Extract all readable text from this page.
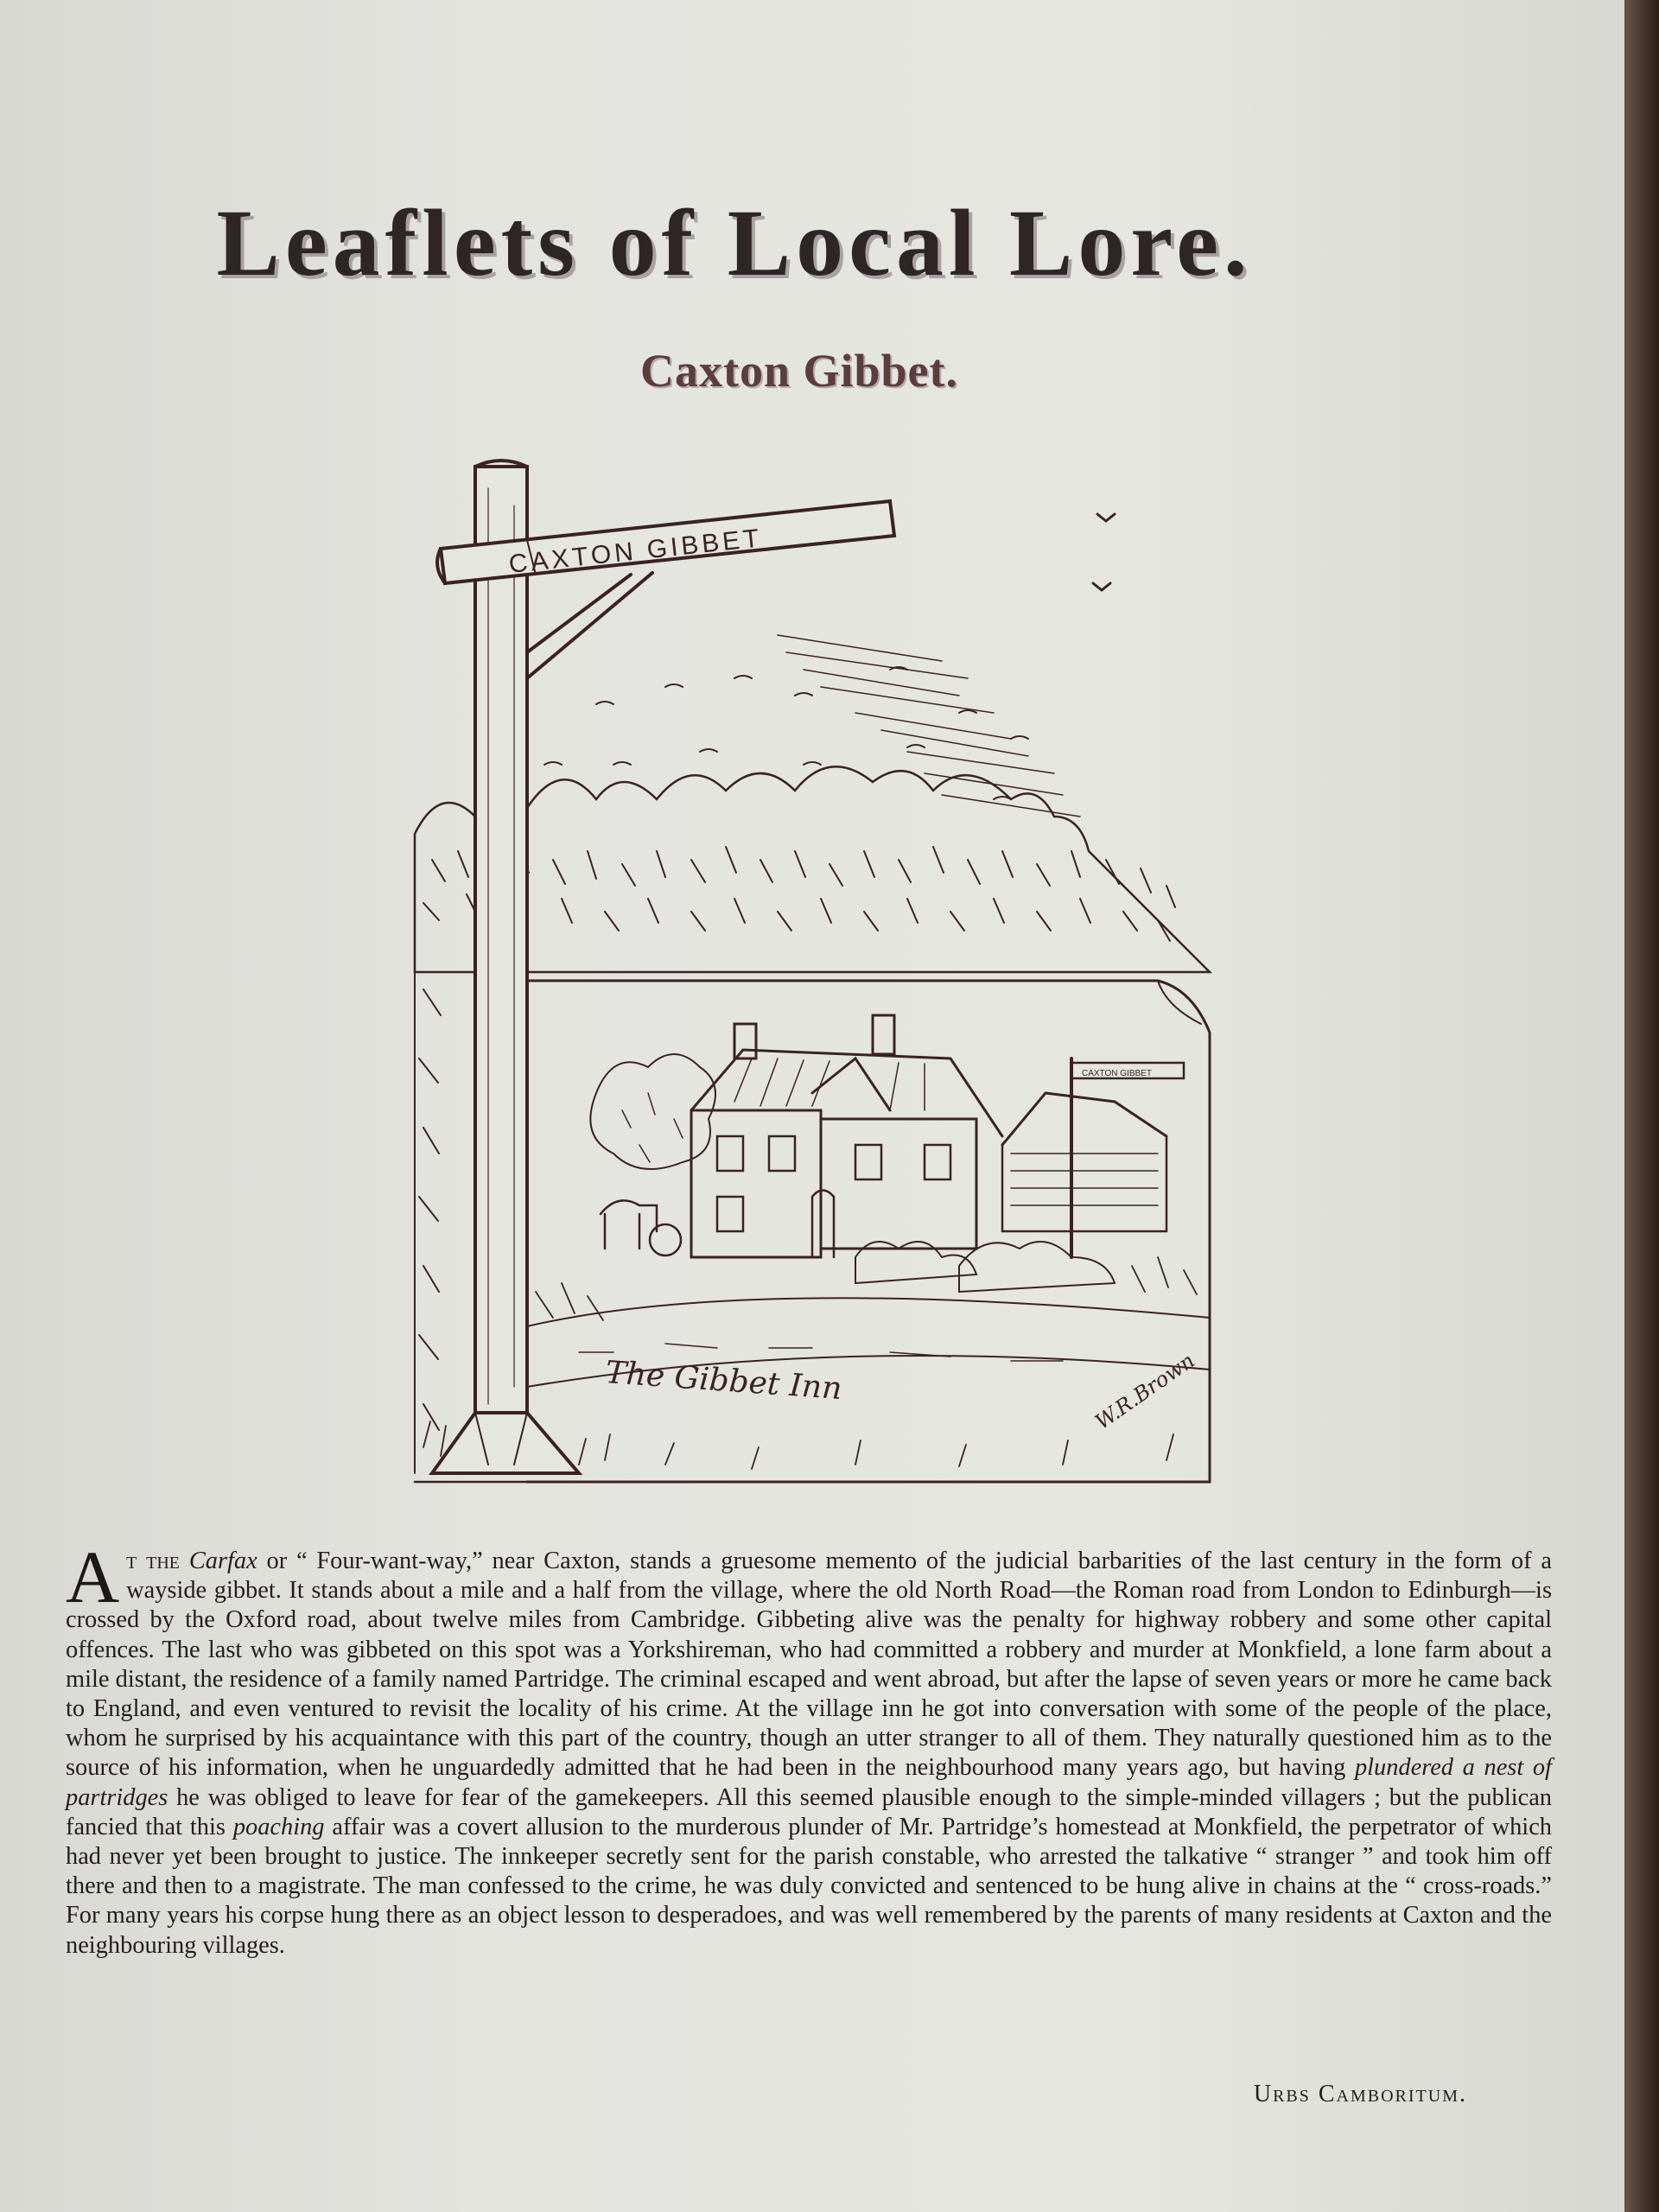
Leaflets of Local Lore.
Caxton Gibbet.
CAXTON GIBBET
CAXTON GIBBET
The Gibbet Inn	W.R.Brown
At the Carfax or “ Four-want-way,” near Caxton, stands a gruesome memento of the judicial barbarities of the last century in the form of a wayside gibbet. It stands about a mile and a half from the village, where the old North Road—the Roman road from London to Edinburgh—is crossed by the Oxford road, about twelve miles from Cambridge. Gibbeting alive was the penalty for highway robbery and some other capital offences. The last who was gibbeted on this spot was a Yorkshireman, who had committed a robbery and murder at Monkfield, a lone farm about a mile distant, the residence of a family named Partridge. The criminal escaped and went abroad, but after the lapse of seven years or more he came back to England, and even ventured to revisit the locality of his crime. At the village inn he got into conversation with some of the people of the place, whom he surprised by his acquaintance with this part of the country, though an utter stranger to all of them. They naturally questioned him as to the source of his information, when he unguardedly admitted that he had been in the neighbourhood many years ago, but having plundered a nest of partridges he was obliged to leave for fear of the gamekeepers. All this seemed plausible enough to the simple-minded villagers ; but the publican fancied that this poaching affair was a covert allusion to the murderous plunder of Mr. Partridge’s homestead at Monkfield, the perpetrator of which had never yet been brought to justice. The innkeeper secretly sent for the parish constable, who arrested the talkative “ stranger ” and took him off there and then to a magistrate. The man confessed to the crime, he was duly convicted and sentenced to be hung alive in chains at the “ cross-roads.” For many years his corpse hung there as an object lesson to desperadoes, and was well remembered by the parents of many residents at Caxton and the neighbouring villages.
Urbs Camboritum.
